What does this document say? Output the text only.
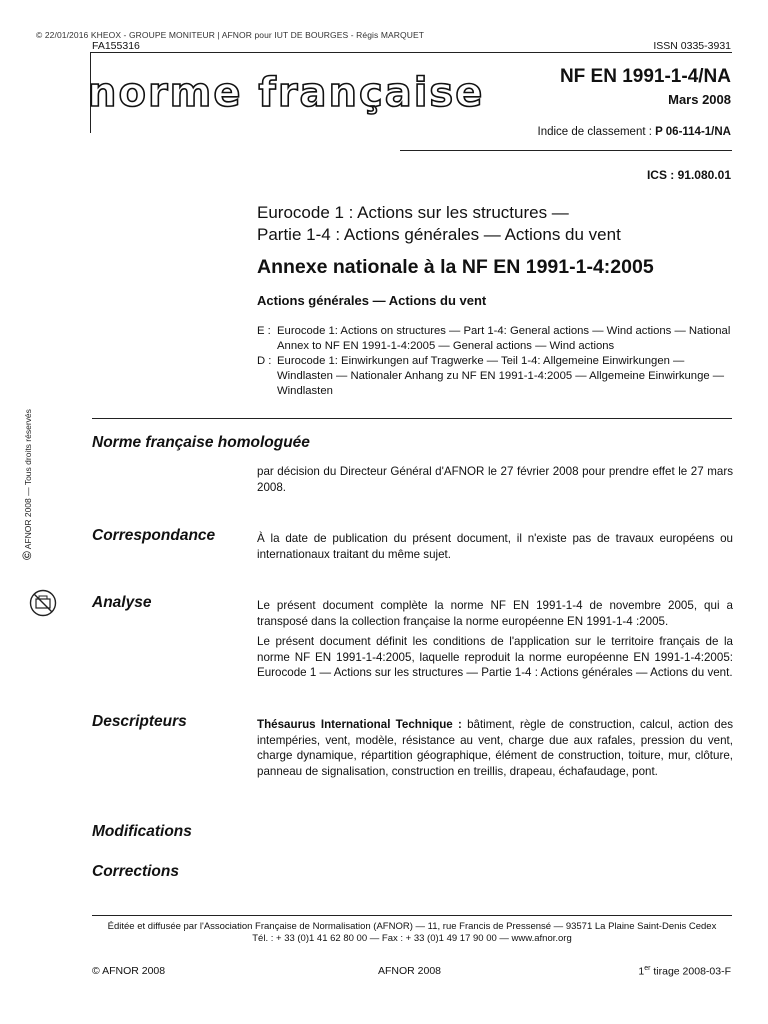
© 22/01/2016 KHEOX - GROUPE MONITEUR | AFNOR pour IUT DE BOURGES - Régis MARQUET
FA155316	ISSN 0335-3931
norme française	NF EN 1991-1-4/NA
Mars 2008
Indice de classement : P 06-114-1/NA
ICS : 91.080.01
Eurocode 1 : Actions sur les structures —
Partie 1-4 : Actions générales — Actions du vent
Annexe nationale à la NF EN 1991-1-4:2005
Actions générales — Actions du vent
E : Eurocode 1: Actions on structures — Part 1-4: General actions — Wind actions — National Annex to NF EN 1991-1-4:2005 — General actions — Wind actions
D : Eurocode 1: Einwirkungen auf Tragwerke — Teil 1-4: Allgemeine Einwirkungen — Windlasten — Nationaler Anhang zu NF EN 1991-1-4:2005 — Allgemeine Einwirkunge — Windlasten
Norme française homologuée
par décision du Directeur Général d'AFNOR le 27 février 2008 pour prendre effet le 27 mars 2008.
Correspondance	À la date de publication du présent document, il n'existe pas de travaux européens ou internationaux traitant du même sujet.
Analyse	Le présent document complète la norme NF EN 1991-1-4 de novembre 2005, qui a transposé dans la collection française la norme européenne EN 1991-1-4 :2005.

Le présent document définit les conditions de l'application sur le territoire français de la norme NF EN 1991-1-4:2005, laquelle reproduit la norme européenne EN 1991-1-4:2005: Eurocode 1 — Actions sur les structures — Partie 1-4 : Actions générales — Actions du vent.

Descripteurs	Thésaurus International Technique : bâtiment, règle de construction, calcul, action des intempéries, vent, modèle, résistance au vent, charge due aux rafales, pression du vent, charge dynamique, répartition géographique, élément de construction, toiture, mur, clôture, panneau de signalisation, construction en treillis, drapeau, échafaudage, pont.
Modifications
Corrections
Éditée et diffusée par l'Association Française de Normalisation (AFNOR) — 11, rue Francis de Pressensé — 93571 La Plaine Saint-Denis Cedex
Tél. : + 33 (0)1 41 62 80 00 — Fax : + 33 (0)1 49 17 90 00 — www.afnor.org
© AFNOR 2008	AFNOR 2008	1er tirage 2008-03-F
© AFNOR 2008 — Tous droits réservés
